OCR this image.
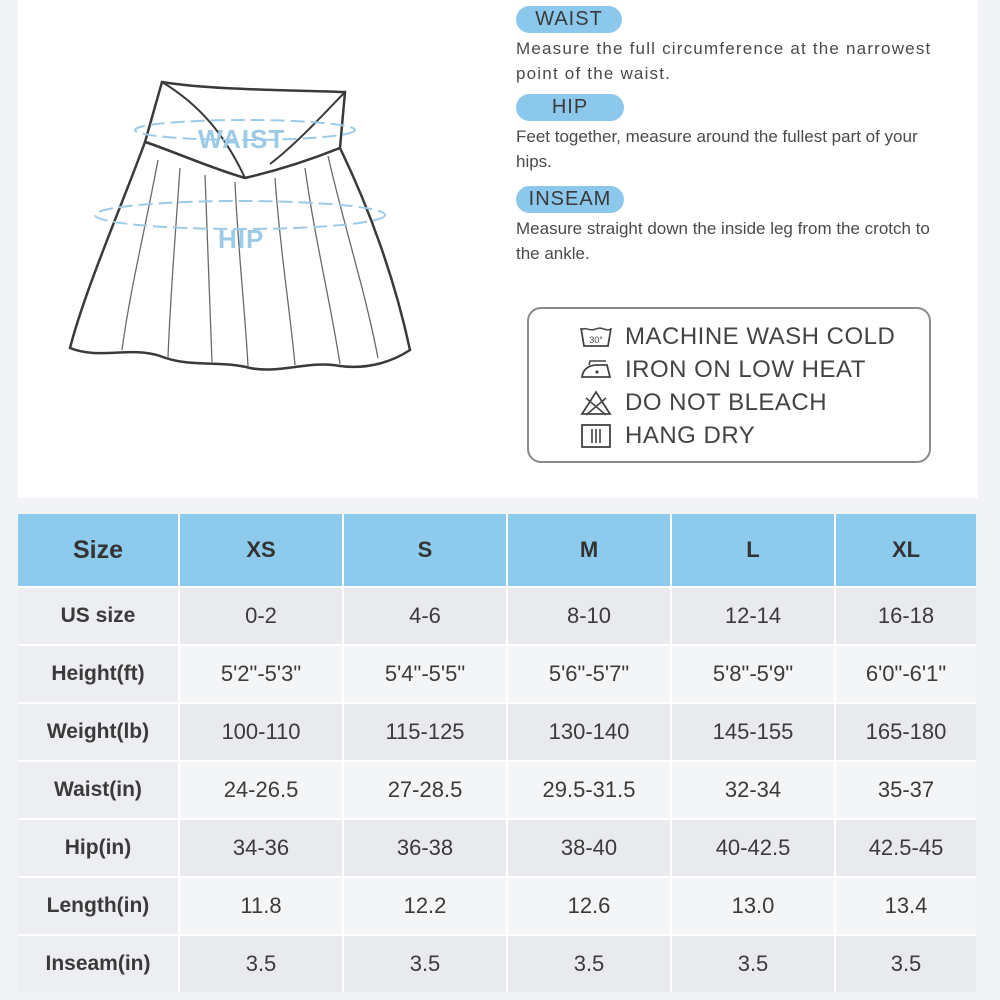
WAIST
HIP
WAIST
Measure the full circumference at the narrowest point of the waist.
HIP
Feet together, measure around the fullest part of your hips.
INSEAM
Measure straight down the inside leg from the crotch to the ankle.
30° MACHINE WASH COLD
IRON ON LOW HEAT
DO NOT BLEACH
HANG DRY
Size	XS	S	M	L	XL
US size	0-2	4-6	8-10	12-14	16-18
Height(ft)	5'2"-5'3"	5'4"-5'5"	5'6"-5'7"	5'8"-5'9"	6'0"-6'1"
Weight(lb)	100-110	115-125	130-140	145-155	165-180
Waist(in)	24-26.5	27-28.5	29.5-31.5	32-34	35-37
Hip(in)	34-36	36-38	38-40	40-42.5	42.5-45
Length(in)	11.8	12.2	12.6	13.0	13.4
Inseam(in)	3.5	3.5	3.5	3.5	3.5
